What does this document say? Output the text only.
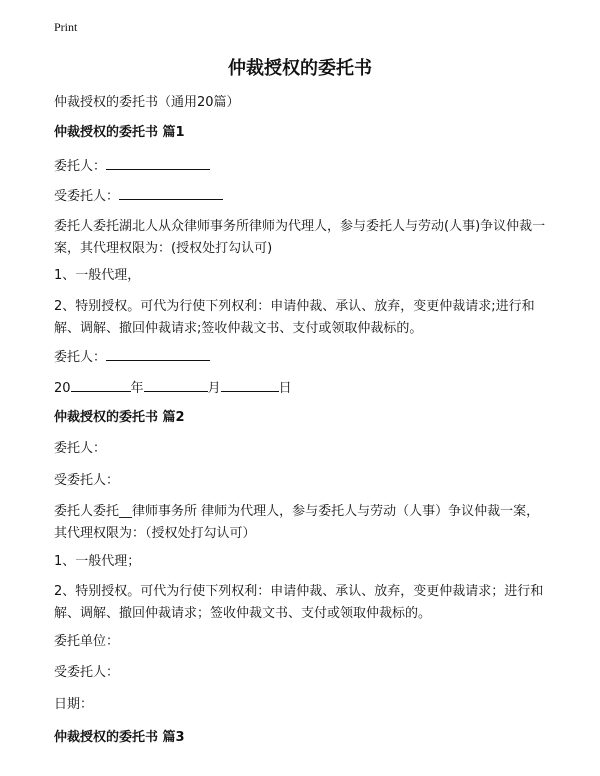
Print
仲裁授权的委托书
仲裁授权的委托书（通用20篇）
仲裁授权的委托书 篇1
委托人：
受委托人：
委托人委托湖北人从众律师事务所律师为代理人，参与委托人与劳动(人事)争议仲裁一案，其代理权限为：(授权处打勾认可)
1、一般代理，
2、特别授权。可代为行使下列权利：申请仲裁、承认、放弃，变更仲裁请求;进行和解、调解、撤回仲裁请求;签收仲裁文书、支付或领取仲裁标的。
委托人：
20	年	月	日
仲裁授权的委托书 篇2
委托人：
受委托人：
委托人委托__律师事务所 律师为代理人，参与委托人与劳动（人事）争议仲裁一案，其代理权限为：（授权处打勾认可）
1、一般代理；
2、特别授权。可代为行使下列权利：申请仲裁、承认、放弃，变更仲裁请求；进行和解、调解、撤回仲裁请求；签收仲裁文书、支付或领取仲裁标的。
委托单位：
受委托人：
日期：
仲裁授权的委托书 篇3
